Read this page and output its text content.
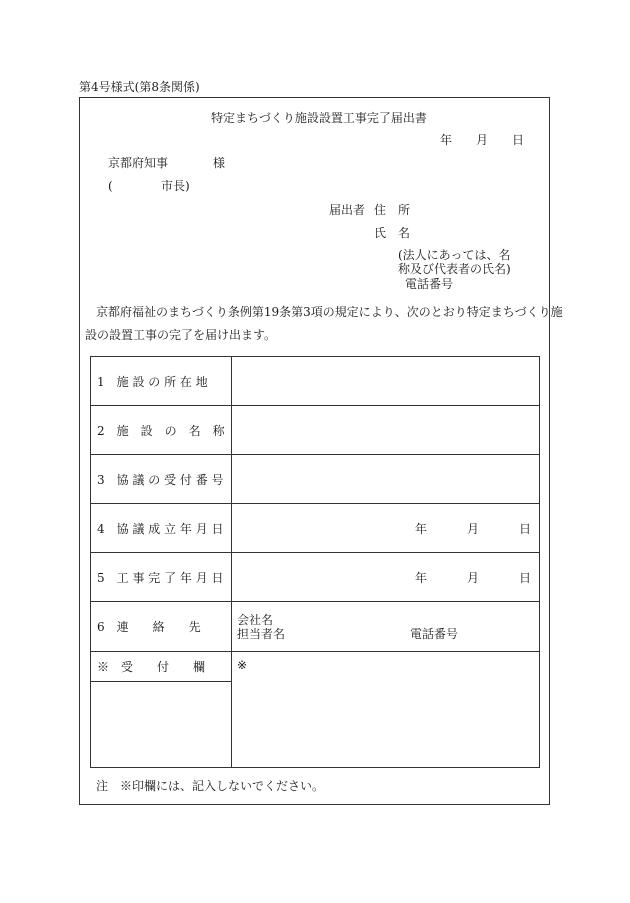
第4号様式(第8条関係)
特定まちづくり施設設置工事完了届出書
年 月 日
京都府知事	様
(	市長)
届出者 住　所
氏　名
(法人にあっては、名
称及び代表者の氏名)
電話番号
京都府福祉のまちづくり条例第19条第3項の規定により、次のとおり特定まちづくり施
設の設置工事の完了を届け出ます。
1　施 設 の 所 在 地	
2　施　設　の　名　称	
3　協 議 の 受 付 番 号	
4　協 議 成 立 年 月 日	年 月 日
5　工 事 完 了 年 月 日	年 月 日
6　連　　絡　　先	会社名
担当者名 電話番号

※　受　　付　　欄	※

注　※印欄には、記入しないでください。
